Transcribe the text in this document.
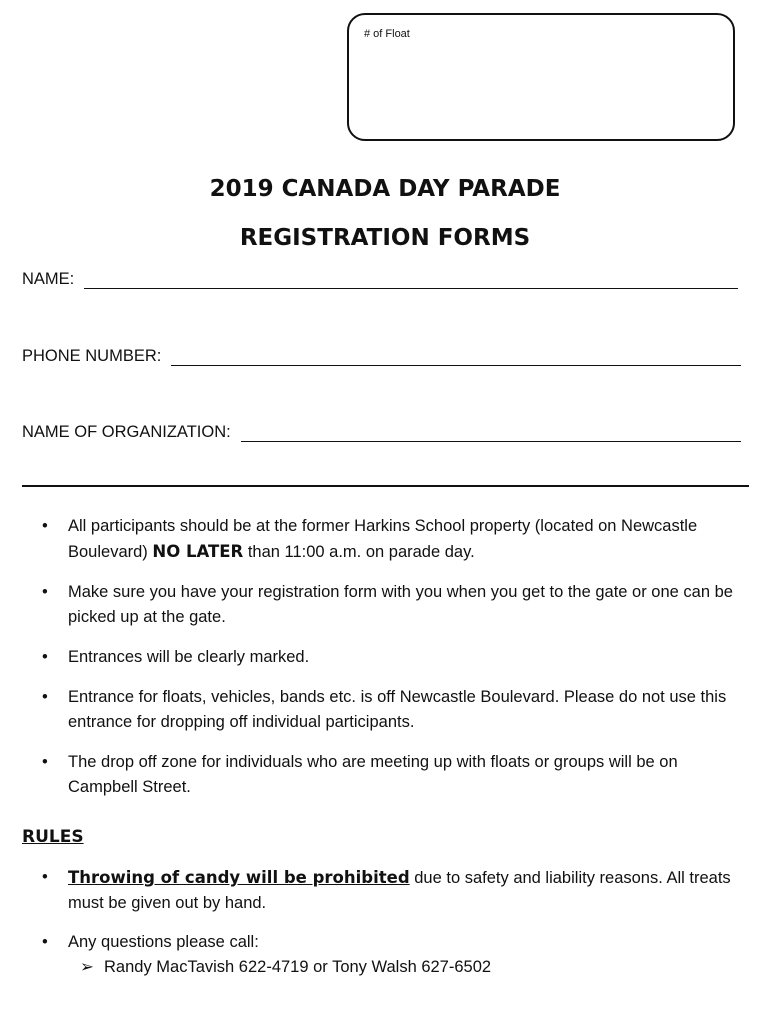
# of Float
2019 CANADA DAY PARADE
REGISTRATION FORMS
NAME:
PHONE NUMBER:
NAME OF ORGANIZATION:
• All participants should be at the former Harkins School property (located on Newcastle Boulevard) NO LATER than 11:00 a.m. on parade day.
• Make sure you have your registration form with you when you get to the gate or one can be picked up at the gate.
• Entrances will be clearly marked.
• Entrance for floats, vehicles, bands etc. is off Newcastle Boulevard. Please do not use this entrance for dropping off individual participants.
• The drop off zone for individuals who are meeting up with floats or groups will be on Campbell Street.
RULES
• Throwing of candy will be prohibited due to safety and liability reasons. All treats must be given out by hand.
• Any questions please call:
➢ Randy MacTavish 622-4719 or Tony Walsh 627-6502
